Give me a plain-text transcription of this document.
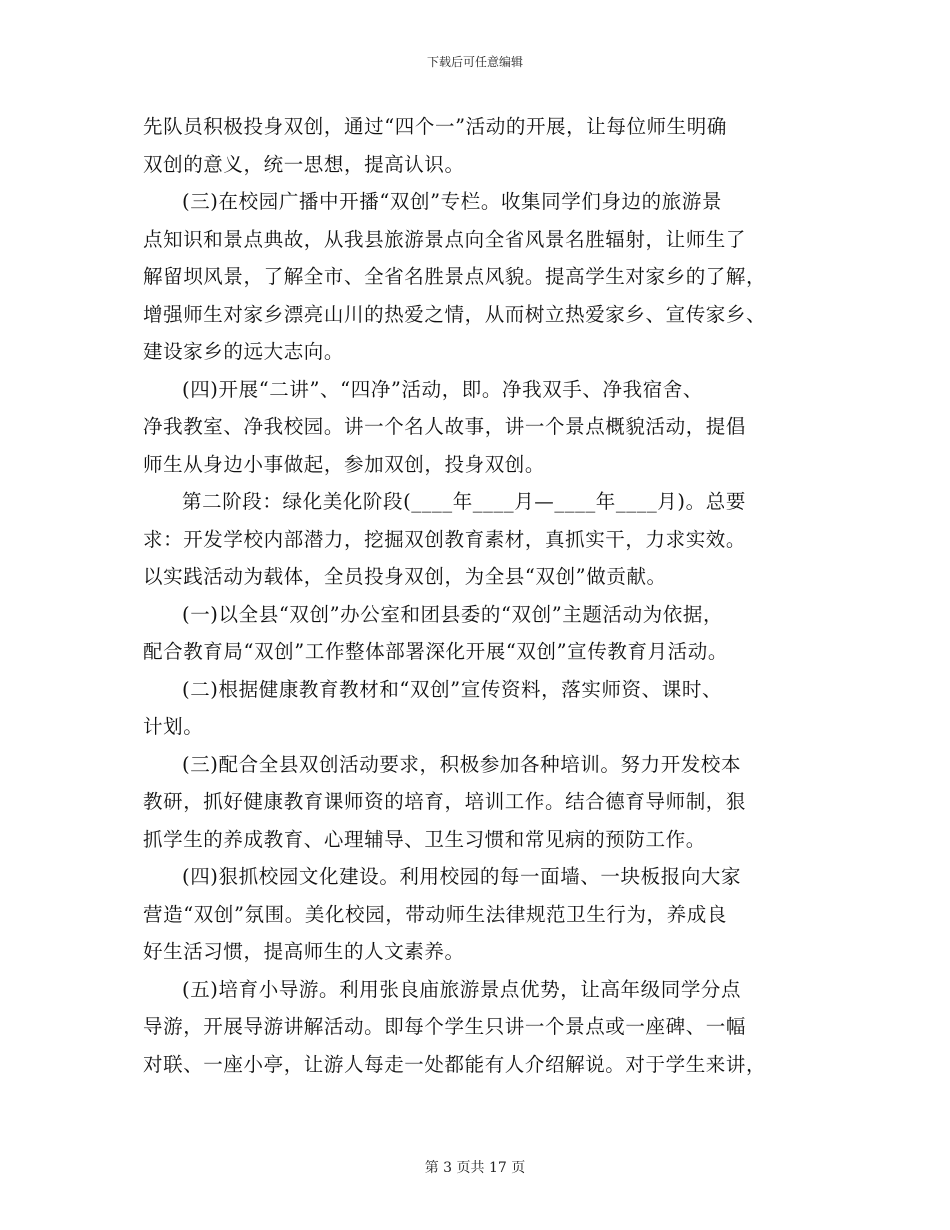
下载后可任意编辑
先队员积极投身双创，通过“四个一”活动的开展，让每位师生明确
双创的意义，统一思想，提高认识。
(三)在校园广播中开播“双创”专栏。收集同学们身边的旅游景
点知识和景点典故，从我县旅游景点向全省风景名胜辐射，让师生了
解留坝风景，了解全市、全省名胜景点风貌。提高学生对家乡的了解，
增强师生对家乡漂亮山川的热爱之情，从而树立热爱家乡、宣传家乡、
建设家乡的远大志向。
(四)开展“二讲”、“四净”活动，即。净我双手、净我宿舍、
净我教室、净我校园。讲一个名人故事，讲一个景点概貌活动，提倡
师生从身边小事做起，参加双创，投身双创。
第二阶段：绿化美化阶段(____年____月—____年____月)。总要
求：开发学校内部潜力，挖掘双创教育素材，真抓实干，力求实效。
以实践活动为载体，全员投身双创，为全县“双创”做贡献。
(一)以全县“双创”办公室和团县委的“双创”主题活动为依据，
配合教育局“双创”工作整体部署深化开展“双创”宣传教育月活动。
(二)根据健康教育教材和“双创”宣传资料，落实师资、课时、
计划。
(三)配合全县双创活动要求，积极参加各种培训。努力开发校本
教研，抓好健康教育课师资的培育，培训工作。结合德育导师制，狠
抓学生的养成教育、心理辅导、卫生习惯和常见病的预防工作。
(四)狠抓校园文化建设。利用校园的每一面墙、一块板报向大家
营造“双创”氛围。美化校园，带动师生法律规范卫生行为，养成良
好生活习惯，提高师生的人文素养。
(五)培育小导游。利用张良庙旅游景点优势，让高年级同学分点
导游，开展导游讲解活动。即每个学生只讲一个景点或一座碑、一幅
对联、一座小亭，让游人每走一处都能有人介绍解说。对于学生来讲，
第 3 页共 17 页
